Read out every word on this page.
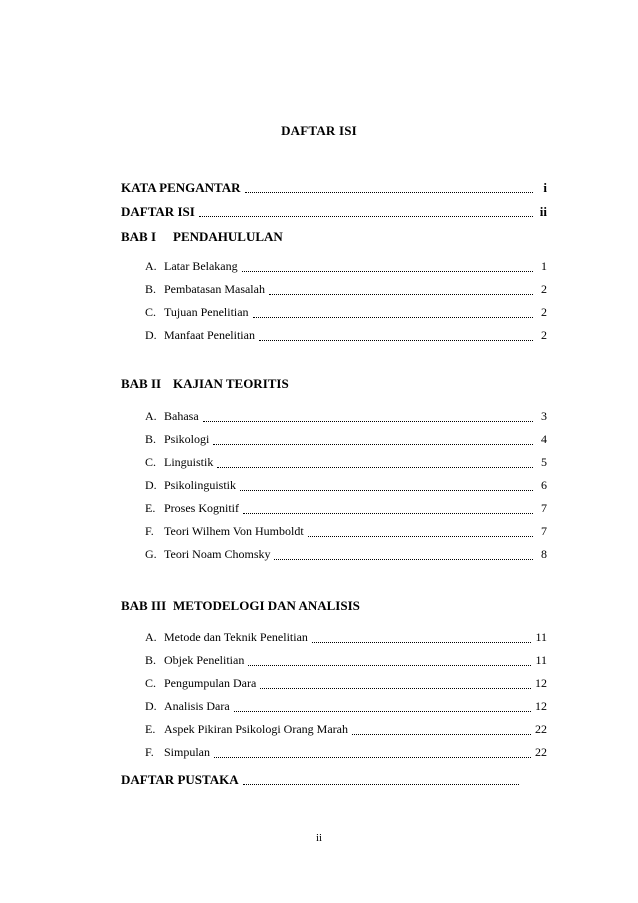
DAFTAR ISI
KATA PENGANTAR	i
DAFTAR ISI	ii
BAB I PENDAHULULAN
A. Latar Belakang	1
B. Pembatasan Masalah	2
C. Tujuan Penelitian	2
D. Manfaat Penelitian	2
BAB II KAJIAN TEORITIS
A. Bahasa	3
B. Psikologi	4
C. Linguistik	5
D. Psikolinguistik	6
E. Proses Kognitif	7
F. Teori Wilhem Von Humboldt	7
G. Teori Noam Chomsky	8
BAB III METODELOGI DAN ANALISIS
A. Metode dan Teknik Penelitian	11
B. Objek Penelitian	11
C. Pengumpulan Dara	12
D. Analisis Dara	12
E. Aspek Pikiran Psikologi Orang Marah	22
F. Simpulan	22
DAFTAR PUSTAKA
ii
